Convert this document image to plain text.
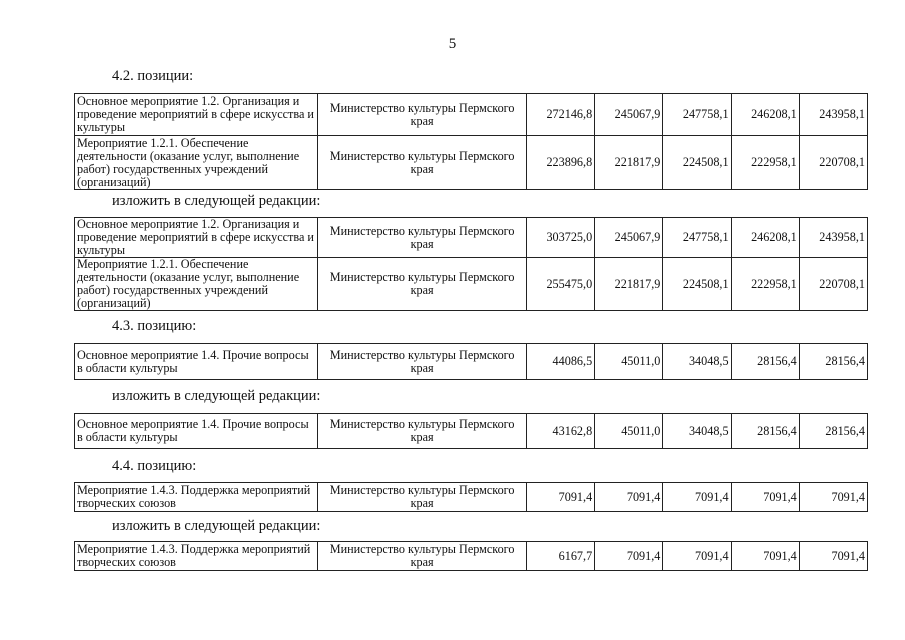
5
4.2. позиции:
Основное мероприятие 1.2. Организация и проведение мероприятий в сфере искусства и культуры	Министерство культуры Пермского края	272146,8	245067,9	247758,1	246208,1	243958,1
Мероприятие 1.2.1. Обеспечение деятельности (оказание услуг, выполнение работ) государственных учреждений (организаций)	Министерство культуры Пермского края	223896,8	221817,9	224508,1	222958,1	220708,1
изложить в следующей редакции:
Основное мероприятие 1.2. Организация и проведение мероприятий в сфере искусства и культуры	Министерство культуры Пермского края	303725,0	245067,9	247758,1	246208,1	243958,1
Мероприятие 1.2.1. Обеспечение деятельности (оказание услуг, выполнение работ) государственных учреждений (организаций)	Министерство культуры Пермского края	255475,0	221817,9	224508,1	222958,1	220708,1
4.3. позицию:
Основное мероприятие 1.4. Прочие вопросы в области культуры	Министерство культуры Пермского края	44086,5	45011,0	34048,5	28156,4	28156,4
изложить в следующей редакции:
Основное мероприятие 1.4. Прочие вопросы в области культуры	Министерство культуры Пермского края	43162,8	45011,0	34048,5	28156,4	28156,4
4.4. позицию:
Мероприятие 1.4.3. Поддержка мероприятий творческих союзов	Министерство культуры Пермского края	7091,4	7091,4	7091,4	7091,4	7091,4
изложить в следующей редакции:
Мероприятие 1.4.3. Поддержка мероприятий творческих союзов	Министерство культуры Пермского края	6167,7	7091,4	7091,4	7091,4	7091,4
